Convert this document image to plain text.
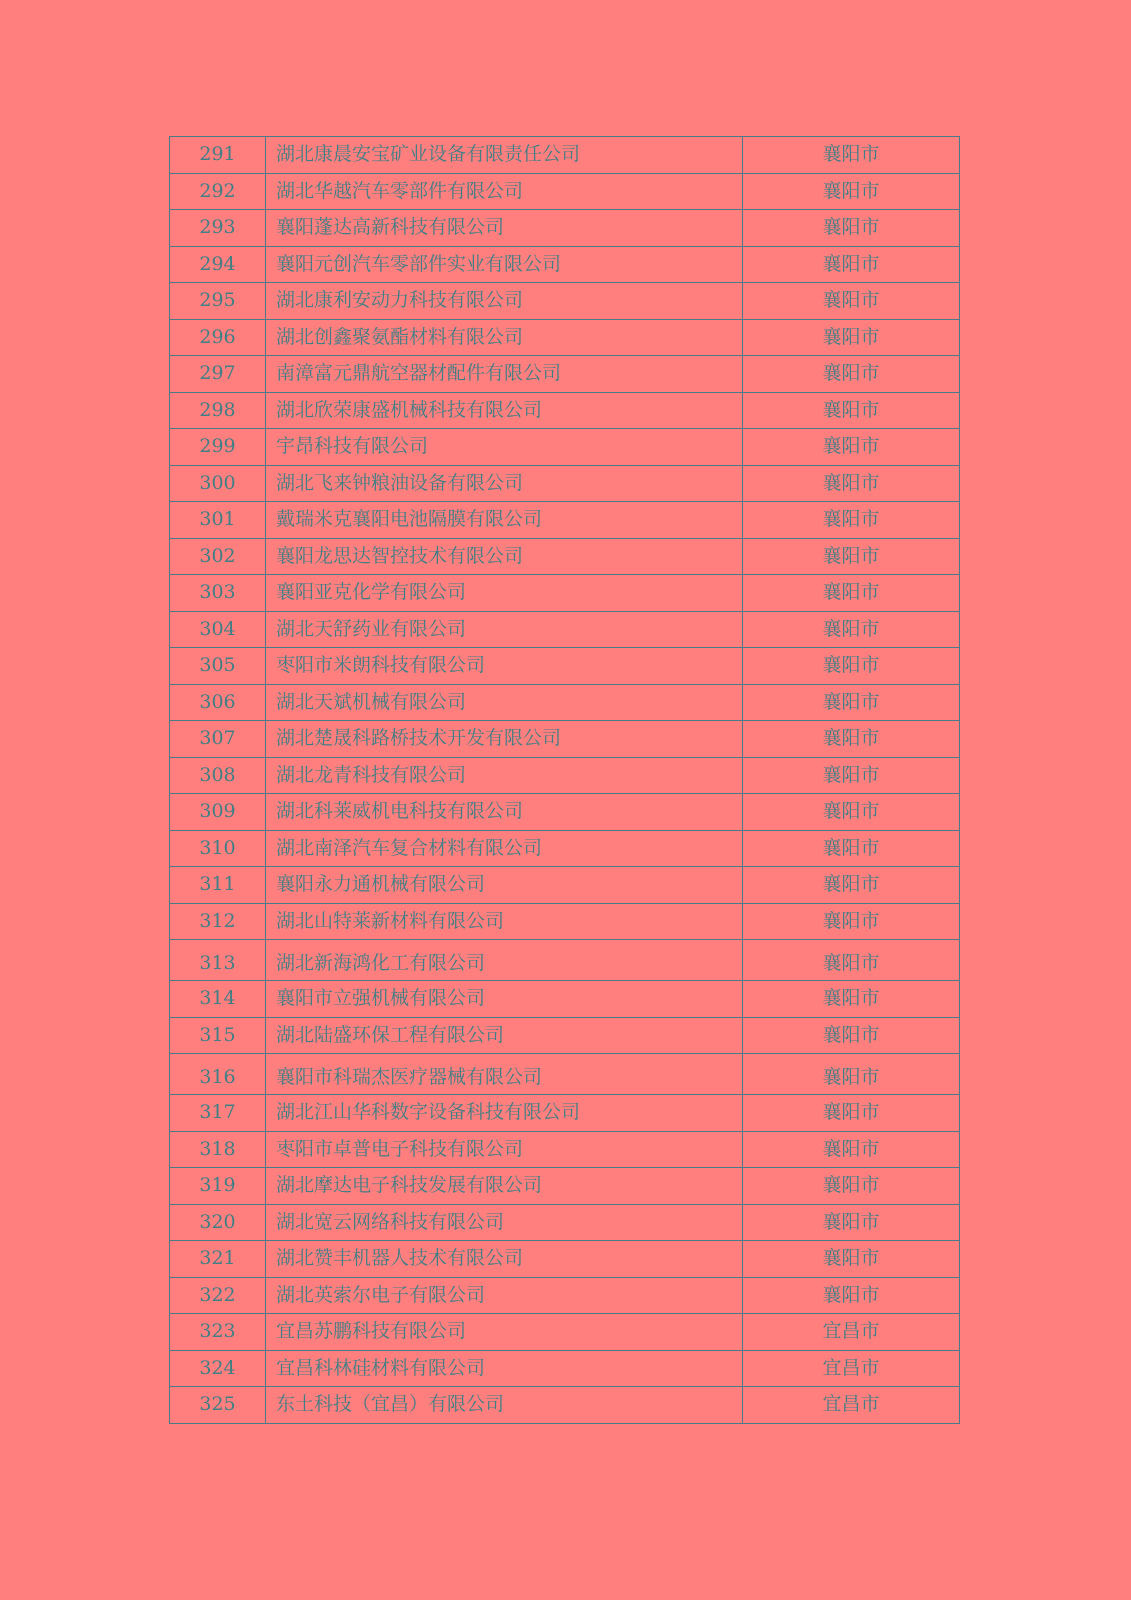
291	湖北康晨安宝矿业设备有限责任公司	襄阳市
292	湖北华越汽车零部件有限公司	襄阳市
293	襄阳蓬达高新科技有限公司	襄阳市
294	襄阳元创汽车零部件实业有限公司	襄阳市
295	湖北康利安动力科技有限公司	襄阳市
296	湖北创鑫聚氨酯材料有限公司	襄阳市
297	南漳富元鼎航空器材配件有限公司	襄阳市
298	湖北欣荣康盛机械科技有限公司	襄阳市
299	宇昂科技有限公司	襄阳市
300	湖北飞来钟粮油设备有限公司	襄阳市
301	戴瑞米克襄阳电池隔膜有限公司	襄阳市
302	襄阳龙思达智控技术有限公司	襄阳市
303	襄阳亚克化学有限公司	襄阳市
304	湖北天舒药业有限公司	襄阳市
305	枣阳市米朗科技有限公司	襄阳市
306	湖北天斌机械有限公司	襄阳市
307	湖北楚晟科路桥技术开发有限公司	襄阳市
308	湖北龙青科技有限公司	襄阳市
309	湖北科莱威机电科技有限公司	襄阳市
310	湖北南泽汽车复合材料有限公司	襄阳市
311	襄阳永力通机械有限公司	襄阳市
312	湖北山特莱新材料有限公司	襄阳市
313	湖北新海鸿化工有限公司	襄阳市
314	襄阳市立强机械有限公司	襄阳市
315	湖北陆盛环保工程有限公司	襄阳市
316	襄阳市科瑞杰医疗器械有限公司	襄阳市
317	湖北江山华科数字设备科技有限公司	襄阳市
318	枣阳市卓普电子科技有限公司	襄阳市
319	湖北摩达电子科技发展有限公司	襄阳市
320	湖北宽云网络科技有限公司	襄阳市
321	湖北赞丰机器人技术有限公司	襄阳市
322	湖北英索尔电子有限公司	襄阳市
323	宜昌苏鹏科技有限公司	宜昌市
324	宜昌科林硅材料有限公司	宜昌市
325	东土科技（宜昌）有限公司	宜昌市
